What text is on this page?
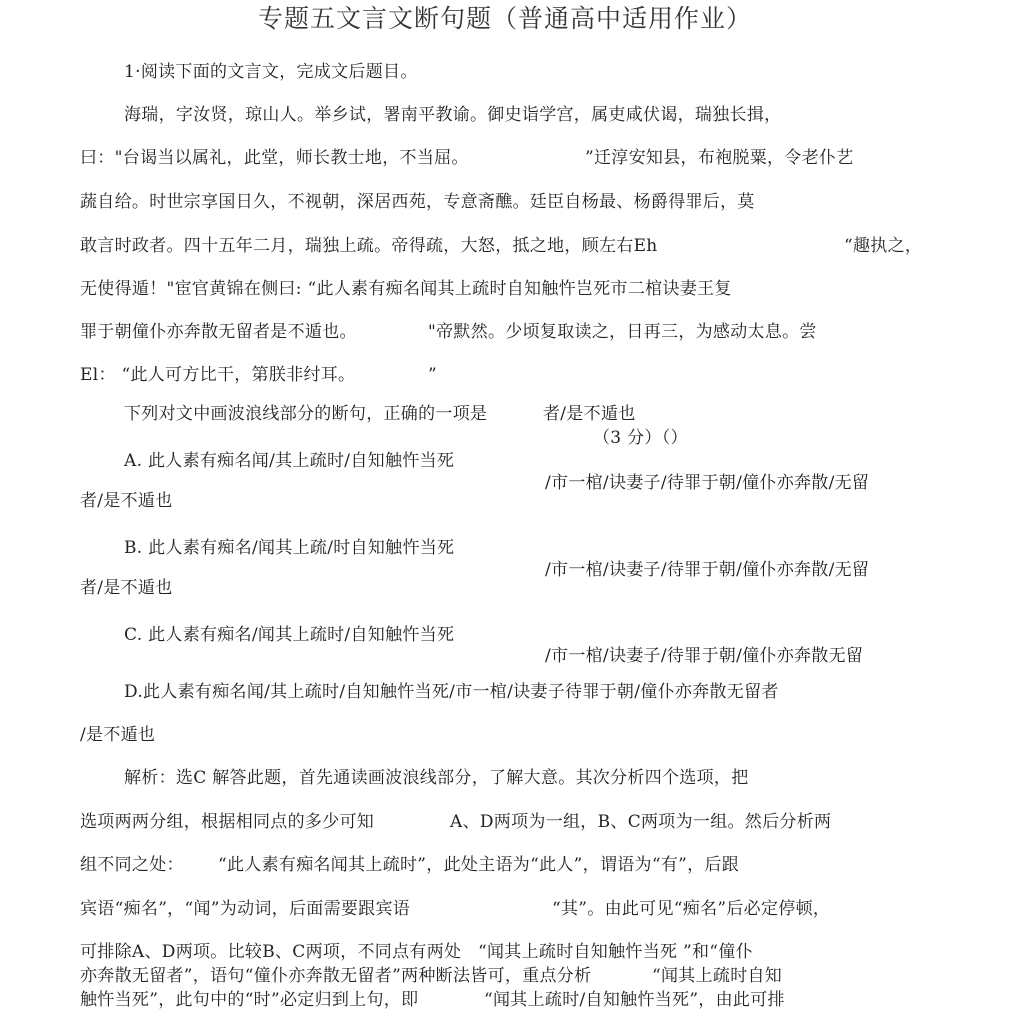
专题五文言文断句题（普通高中适用作业）
1·阅读下面的文言文，完成文后题目。
海瑞，字汝贤，琼山人。举乡试，署南平教谕。御史诣学宫，属吏咸伏谒，瑞独长揖，
曰："台谒当以属礼，此堂，师长教士地，不当屈。	”迁淳安知县，布袍脱粟，令老仆艺
蔬自给。时世宗享国日久，不视朝，深居西苑，专意斋醮。廷臣自杨最、杨爵得罪后，莫
敢言时政者。四十五年二月，瑞独上疏。帝得疏，大怒，抵之地，顾左右Eh	“趣执之，
无使得遁！"宦官黄锦在侧曰: “此人素有痴名闻其上疏时自知触忤岂死市二棺诀妻王复
罪于朝僮仆亦奔散无留者是不遁也。	"帝默然。少顷复取读之，日再三，为感动太息。尝
El： “此人可方比干，第朕非纣耳。	”
下列对文中画波浪线部分的断句，正确的一项是	者/是不遁也
（3 分）（）
A. 此人素有痴名闻/其上疏时/自知触忤当死
/市一棺/诀妻子/待罪于朝/僮仆亦奔散/无留
者/是不遁也
B. 此人素有痴名/闻其上疏/时自知触忤当死
/市一棺/诀妻子/待罪于朝/僮仆亦奔散/无留
者/是不遁也
C. 此人素有痴名/闻其上疏时/自知触忤当死
/市一棺/诀妻子/待罪于朝/僮仆亦奔散无留
D.此人素有痴名闻/其上疏时/自知触忤当死/市一棺/诀妻子待罪于朝/僮仆亦奔散无留者
/是不遁也
解析：选C 解答此题，首先通读画波浪线部分，了解大意。其次分析四个选项，把
选项两两分组，根据相同点的多少可知	A、D两项为一组，B、C两项为一组。然后分析两
组不同之处： “此人素有痴名闻其上疏时”，此处主语为“此人”，谓语为“有”，后跟
宾语“痴名”，“闻”为动词，后面需要跟宾语	“其”。由此可见“痴名”后必定停顿，
可排除A、D两项。比较B、C两项，不同点有两处 “闻其上疏时自知触忤当死 ”和“僮仆
亦奔散无留者”，语句“僮仆亦奔散无留者”两种断法皆可，重点分析	“闻其上疏时自知
触忤当死”，此句中的“时”必定归到上句，即	“闻其上疏时/自知触忤当死”，由此可排
